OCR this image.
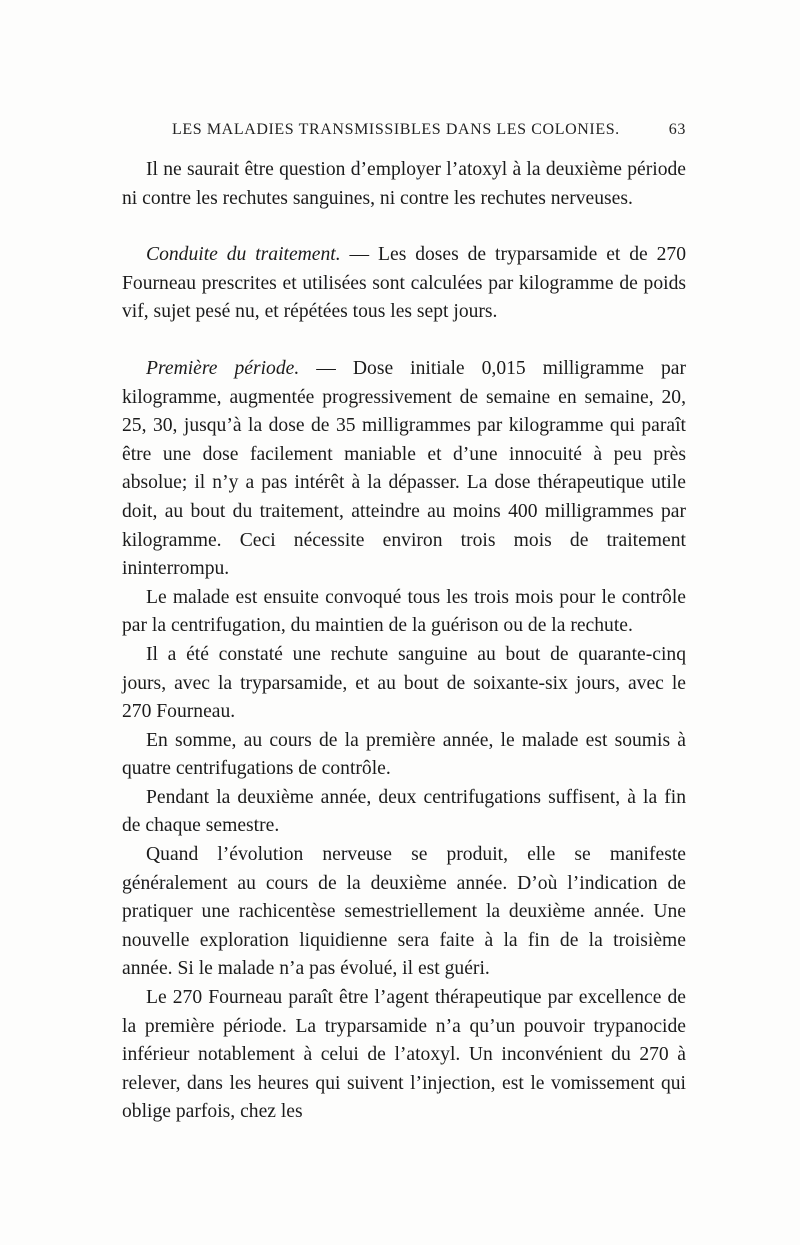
LES MALADIES TRANSMISSIBLES DANS LES COLONIES.	63

Il ne saurait être question d’employer l’atoxyl à la deuxième période ni contre les rechutes sanguines, ni contre les rechutes nerveuses.

Conduite du traitement. — Les doses de tryparsamide et de 270 Fourneau prescrites et utilisées sont calculées par kilogramme de poids vif, sujet pesé nu, et répétées tous les sept jours.

Première période. — Dose initiale 0,015 milligramme par kilogramme, augmentée progressivement de semaine en semaine, 20, 25, 30, jusqu’à la dose de 35 milligrammes par kilogramme qui paraît être une dose facilement maniable et d’une innocuité à peu près absolue; il n’y a pas intérêt à la dépasser. La dose thérapeutique utile doit, au bout du traitement, atteindre au moins 400 milligrammes par kilogramme. Ceci nécessite environ trois mois de traitement ininterrompu.

Le malade est ensuite convoqué tous les trois mois pour le contrôle par la centrifugation, du maintien de la guérison ou de la rechute.

Il a été constaté une rechute sanguine au bout de quarante-cinq jours, avec la tryparsamide, et au bout de soixante-six jours, avec le 270 Fourneau.

En somme, au cours de la première année, le malade est soumis à quatre centrifugations de contrôle.

Pendant la deuxième année, deux centrifugations suffisent, à la fin de chaque semestre.

Quand l’évolution nerveuse se produit, elle se manifeste généralement au cours de la deuxième année. D’où l’indication de pratiquer une rachicentèse semestriellement la deuxième année. Une nouvelle exploration liquidienne sera faite à la fin de la troisième année. Si le malade n’a pas évolué, il est guéri.

Le 270 Fourneau paraît être l’agent thérapeutique par excellence de la première période. La tryparsamide n’a qu’un pouvoir trypanocide inférieur notablement à celui de l’atoxyl. Un inconvénient du 270 à relever, dans les heures qui suivent l’injection, est le vomissement qui oblige parfois, chez les
